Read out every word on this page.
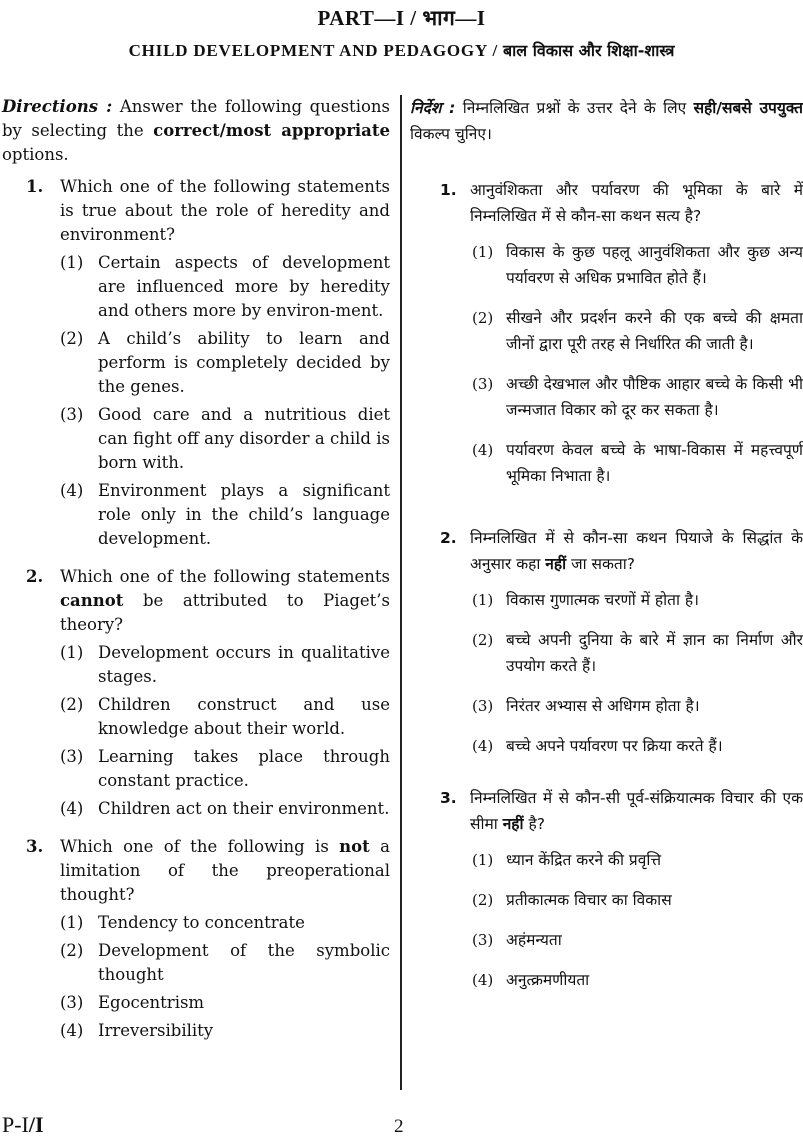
PART—I / भाग—I
CHILD DEVELOPMENT AND PEDAGOGY / बाल विकास और शिक्षा-शास्त्र
Directions : Answer the following questions by selecting the correct/most appropriate options.
1.	Which one of the following statements is true about the role of heredity and environment?
(1) Certain aspects of development are influenced more by heredity and others more by environ-ment.
(2) A child’s ability to learn and perform is completely decided by the genes.
(3) Good care and a nutritious diet can fight off any disorder a child is born with.
(4) Environment plays a significant role only in the child’s language development.
2.	Which one of the following statements cannot be attributed to Piaget’s theory?
(1) Development occurs in qualitative stages.
(2) Children construct and use knowledge about their world.
(3) Learning takes place through constant practice.
(4) Children act on their environment.
3.	Which one of the following is not a limitation of the preoperational thought?
(1) Tendency to concentrate
(2) Development of the symbolic thought
(3) Egocentrism
(4) Irreversibility
निर्देश : निम्नलिखित प्रश्नों के उत्तर देने के लिए सही/सबसे उपयुक्त विकल्प चुनिए।
1. आनुवंशिकता और पर्यावरण की भूमिका के बारे में निम्नलिखित में से कौन-सा कथन सत्य है?
(1) विकास के कुछ पहलू आनुवंशिकता और कुछ अन्य पर्यावरण से अधिक प्रभावित होते हैं।
(2) सीखने और प्रदर्शन करने की एक बच्चे की क्षमता जीनों द्वारा पूरी तरह से निर्धारित की जाती है।
(3) अच्छी देखभाल और पौष्टिक आहार बच्चे के किसी भी जन्मजात विकार को दूर कर सकता है।
(4) पर्यावरण केवल बच्चे के भाषा-विकास में महत्त्वपूर्ण भूमिका निभाता है।
2. निम्नलिखित में से कौन-सा कथन पियाजे के सिद्धांत के अनुसार कहा नहीं जा सकता?
(1) विकास गुणात्मक चरणों में होता है।
(2) बच्चे अपनी दुनिया के बारे में ज्ञान का निर्माण और उपयोग करते हैं।
(3) निरंतर अभ्यास से अधिगम होता है।
(4) बच्चे अपने पर्यावरण पर क्रिया करते हैं।
3. निम्नलिखित में से कौन-सी पूर्व-संक्रियात्मक विचार की एक सीमा नहीं है?
(1) ध्यान केंद्रित करने की प्रवृत्ति
(2) प्रतीकात्मक विचार का विकास
(3) अहंमन्यता
(4) अनुत्क्रमणीयता
P-I/I	2
